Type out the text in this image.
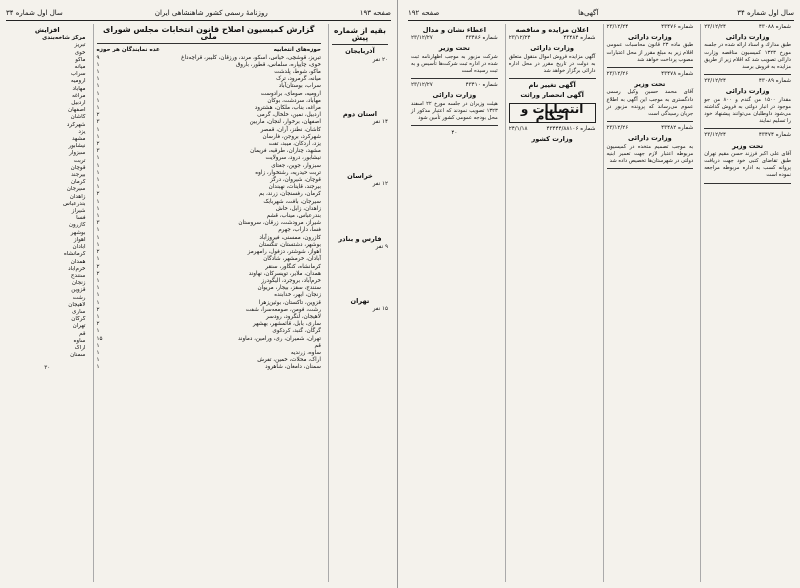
صفحه ۱۹۳
روزنامهٔ رسمی کشور شاهنشاهی ایران
سال اول شماره ۳۴
بقیه از شماره پیش
آذربایجان
۲۰ نفر
استان دوم
۱۴ نفر
خراسان
۱۲ نفر
فارس و بنادر
۹ نفر
تهران
۱۵ نفر
گزارش کمیسیون اصلاح قانون انتخابات مجلس شورای ملی
حوزه‌های انتخابیه
عده نمایندگان هر حوزه
تبریز، قوشچی، خیاس، اسکو، مرند، ورزقان، کلیبر، قراچه‌داغ
۹
خوی، چایپاره، سلماس، قطور، باروق
۱
ماکو، شوط، پلدشت
۱
میانه، گرمرود، ترک
۱
سراب، بوستان‌آباد
۱
ارومیه، صومای، برادوست
۱
مهاباد، سردشت، بوکان
۱
مراغه، بناب، ملکان، هشترود
۱
اردبیل، نمین، خلخال، گرمی
۲
اصفهان، برخوار، لنجان، ماربین
۳
کاشان، نطنز، آران، قمصر
۱
شهرکرد، بروجن، فارسان
۱
یزد، اردکان، میبد، تفت
۲
مشهد، چناران، طرقبه، فریمان
۳
نیشابور، درود، سرولایت
۱
سبزوار، جوین، جغتای
۱
تربت حیدریه، رشتخوار، زاوه
۱
قوچان، شیروان، درگز
۱
بیرجند، قاینات، نهبندان
۱
کرمان، رفسنجان، زرند، بم
۲
سیرجان، بافت، شهربابک
۱
زاهدان، زابل، خاش
۱
بندرعباس، میناب، قشم
۱
شیراز، مرودشت، زرقان، سروستان
۳
فسا، داراب، جهرم
۱
کازرون، ممسنی، فیروزآباد
۱
بوشهر، دشتستان، تنگستان
۱
اهواز، شوشتر، دزفول، رامهرمز
۲
آبادان، خرمشهر، شادگان
۱
کرمانشاه، کنگاور، سنقر
۲
همدان، ملایر، تویسرکان، نهاوند
۲
خرم‌آباد، بروجرد، الیگودرز
۱
سنندج، سقز، بیجار، مریوان
۱
زنجان، ابهر، خدابنده
۱
قزوین، تاکستان، بوئین‌زهرا
۱
رشت، فومن، صومعه‌سرا، شفت
۲
لاهیجان، لنگرود، رودسر
۱
ساری، بابل، قائمشهر، بهشهر
۲
گرگان، گنبد، کردکوی
۱
تهران، شمیران، ری، ورامین، دماوند
۱۵
قم
۱
ساوه، زرندیه
۱
اراک، محلات، خمین، تفرش
۱
سمنان، دامغان، شاهرود
۱
افزایش
مرکز شاخه‌بندی
تبریز
خوی
ماکو
میانه
سراب
ارومیه
مهاباد
مراغه
اردبیل
اصفهان
کاشان
شهرکرد
یزد
مشهد
نیشابور
سبزوار
تربت
قوچان
بیرجند
کرمان
سیرجان
زاهدان
بندرعباس
شیراز
فسا
کازرون
بوشهر
اهواز
آبادان
کرمانشاه
همدان
خرم‌آباد
سنندج
زنجان
قزوین
رشت
لاهیجان
ساری
گرگان
تهران
قم
ساوه
اراک
سمنان
۳۰
سال اول شماره ۳۴
آگهی‌ها
صفحه ۱۹۲
شماره ۴۳۰۸۸
۲۳/۱۲/۲۴
وزارت دارائی
طبق مدارك و اسناد ارائه شده در جلسه مورخ ۱۳۲۳ کمیسیون مناقصه وزارت دارائی تصویب شد که اقلام زیر از طریق مزایده به فروش برسد
شماره ۴۳۰۸۹
۲۳/۱۲/۲۴
وزارت دارائی
مقدار ۱۵۰۰ من گندم و ۸۰۰ من جو موجود در انبار دولتی به فروش گذاشته می‌شود داوطلبان می‌توانند پیشنهاد خود را تسلیم نمایند
شماره ۴۳۴۷۴
۲۳/۱۲/۲۴
تحت وزیر
آقای علی اکبر فرزند حسن مقیم تهران طبق تقاضای کتبی خود جهت دریافت پروانه کسب به اداره مربوطه مراجعه نموده است
شماره ۴۳۴۷۶
۲۳/۱۲/۲۴
وزارت دارائی
طبق ماده ۲۳ قانون محاسبات عمومی اقلام زیر به مبلغ مقرر از محل اعتبارات مصوب پرداخت خواهد شد
شماره ۴۳۴۷۸
۲۳/۱۲/۲۶
تحت وزیر
آقای محمد حسین وکیل رسمی دادگستری به موجب این آگهی به اطلاع عموم می‌رساند که پرونده مزبور در جریان رسیدگی است
شماره ۴۳۴۸۲
۲۳/۱۲/۲۶
وزارت دارائی
به موجب تصمیم متخذه در کمیسیون مربوطه اعتبار لازم جهت تعمیر ابنیه دولتی در شهرستان‌ها تخصیص داده شد
اعلان مزایده و مناقصه
شماره ۴۳۴۸۴
۲۳/۱۲/۲۴
وزارت دارائی
آگهی مزایده فروش اموال منقول متعلق به دولت در تاریخ مقرر در محل اداره دارائی برگزار خواهد شد
آگهی تغییر نام
آگهی انحصار وراثت
انتصابات و احکام
شماره ۴۳۴۴۴/۸۸۱۰۶
۲۴/۱/۱۸
وزارت کشور
اعطاء نشان و مدال
شماره ۴۳۴۸۶
۲۳/۱۲/۲۷
تحت وزیر
شرکت مزبور به موجب اظهارنامه ثبت شده در اداره ثبت شرکت‌ها تأسیس و به ثبت رسیده است
شماره ۴۳۴۱۰
۲۳/۱۲/۲۷
وزارت دارائی
هیئت وزیران در جلسه مورخ ۲۲ اسفند ۱۳۲۳ تصویب نمودند که اعتبار مذکور از محل بودجه عمومی کشور تأمین شود
۴۰
